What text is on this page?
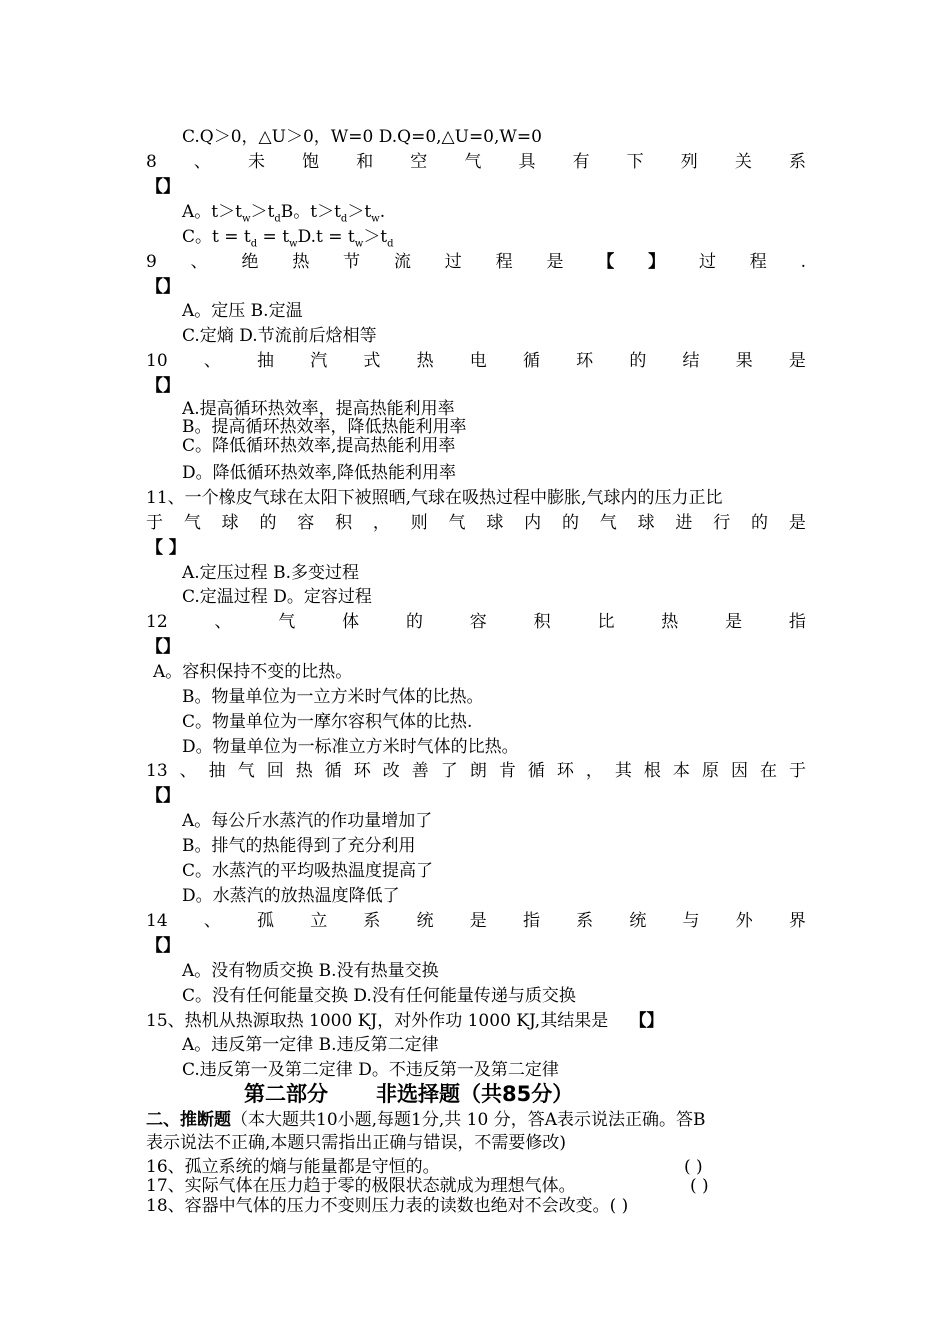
C.Q＞0，△U＞0，W=0 D.Q=0,△U=0,W=0
8 、 未 饱 和 空 气 具 有 下 列 关 系
【】
A。$t>t_w>t_dB$。$t>t_d>t_w$.
C。$t = t_d = t_wD.t = t_w>t_d$
9 、 绝 热 节 流 过 程 是 【 】 过 程 .
【】
A。定压 B.定温
C.定熵 D.节流前后焓相等
10 、 抽 汽 式 热 电 循 环 的 结 果 是
【】
A.提高循环热效率，提高热能利用率
B。提高循环热效率，降低热能利用率
C。降低循环热效率,提高热能利用率
D。降低循环热效率,降低热能利用率
11、一个橡皮气球在太阳下被照晒,气球在吸热过程中膨胀,气球内的压力正比
于 气 球 的 容 积 ， 则 气 球 内 的 气 球 进 行 的 是
【 】
A.定压过程 B.多变过程
C.定温过程 D。定容过程
12	、	气	体	的	容	积	比	热	是	指
【】
A。容积保持不变的比热。
B。物量单位为一立方米时气体的比热。
C。物量单位为一摩尔容积气体的比热.
D。物量单位为一标准立方米时气体的比热。
13 、 抽 气 回 热 循 环 改 善 了 朗 肯 循 环 ， 其 根 本 原 因 在 于
【】
A。每公斤水蒸汽的作功量增加了
B。排气的热能得到了充分利用
C。水蒸汽的平均吸热温度提高了
D。水蒸汽的放热温度降低了
14 、 孤 立 系 统 是 指 系 统 与 外 界
【】
A。没有物质交换 B.没有热量交换
C。没有任何能量交换 D.没有任何能量传递与质交换
15、热机从热源取热 1000 KJ，对外作功 1000 KJ,其结果是 【】
A。违反第一定律 B.违反第二定律
C.违反第一及第二定律 D。不违反第一及第二定律
第二部分 非选择题（共85分）
二、推断题（本大题共10小题,每题1分,共 10 分，答A表示说法正确。答B
表示说法不正确,本题只需指出正确与错误，不需要修改)
16、孤立系统的熵与能量都是守恒的。	( )
17、实际气体在压力趋于零的极限状态就成为理想气体。	( )
18、容器中气体的压力不变则压力表的读数也绝对不会改变。( )
